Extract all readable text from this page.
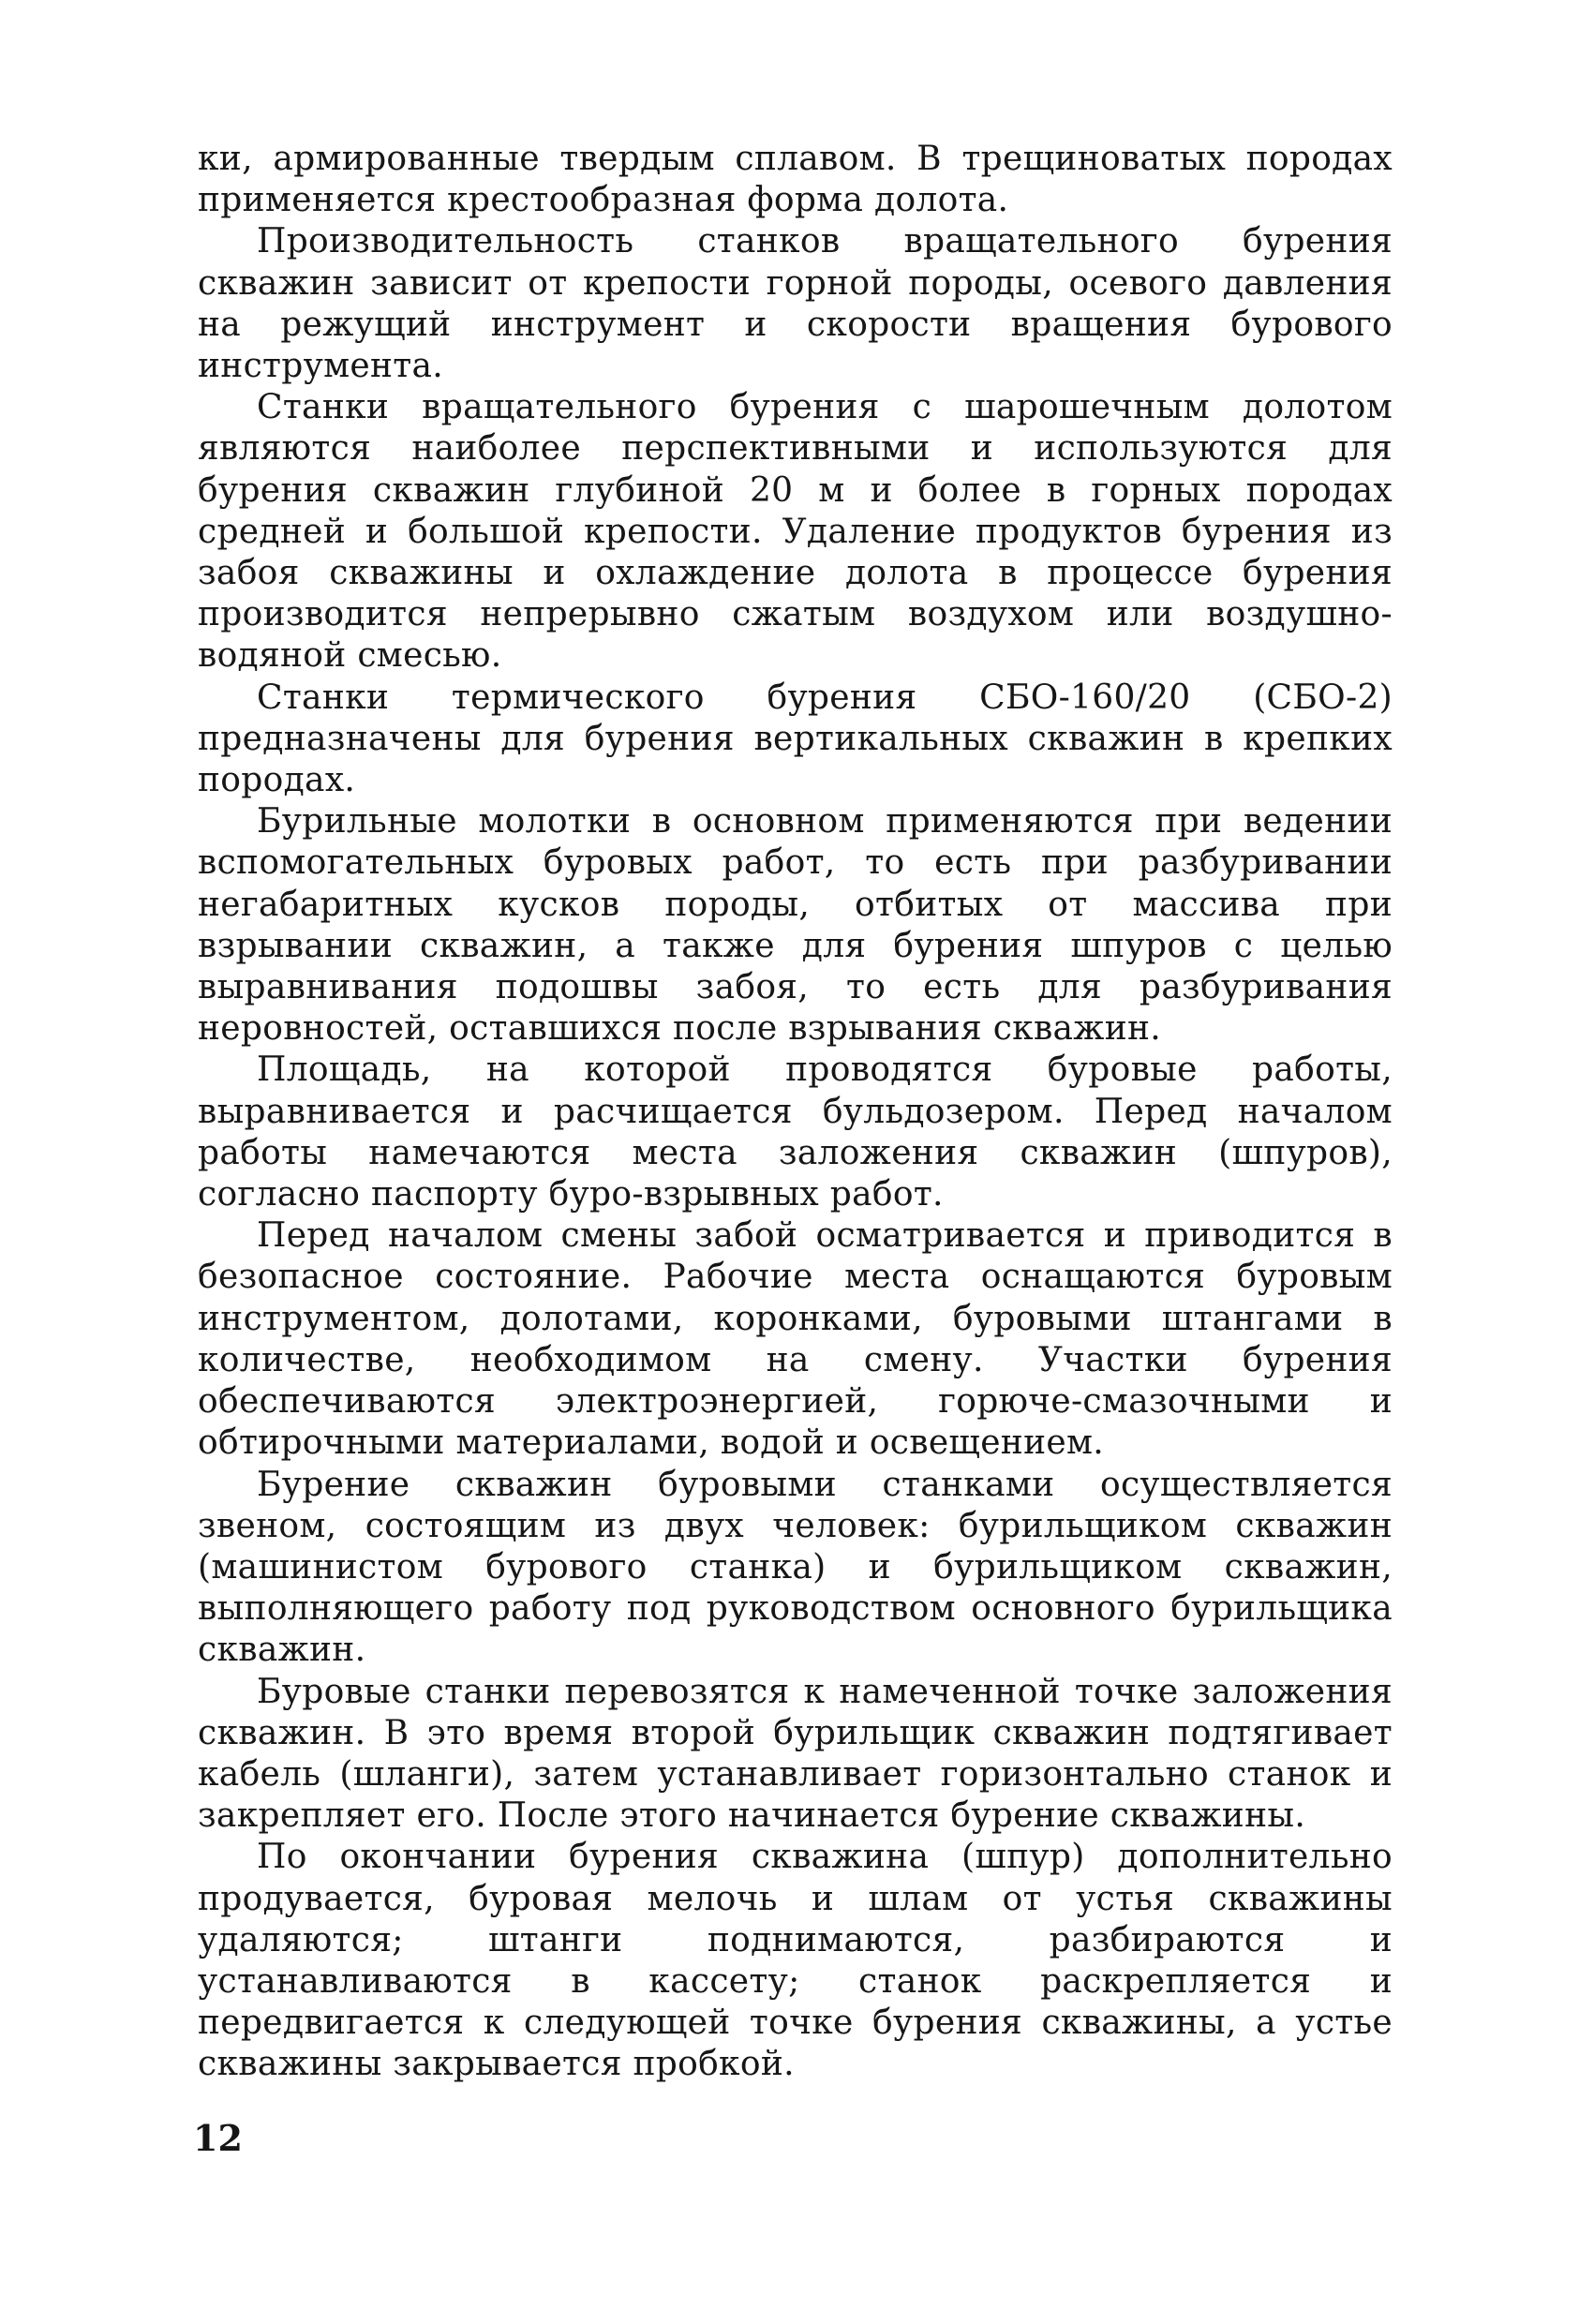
ки, армированные твердым сплавом. В трещиноватых породах применяется крестообразная форма долота.

Производительность станков вращательного бурения скважин зависит от крепости горной породы, осевого давления на режущий инструмент и скорости вращения бурового инструмента.

Станки вращательного бурения с шарошечным долотом являются наиболее перспективными и используются для бурения скважин глубиной 20 м и более в горных породах средней и большой крепости. Удаление продуктов бурения из забоя скважины и охлаждение долота в процессе бурения производится непрерывно сжатым воздухом или воздушно-водяной смесью.

Станки термического бурения СБО-160/20 (СБО-2) предназначены для бурения вертикальных скважин в крепких породах.

Бурильные молотки в основном применяются при ведении вспомогательных буровых работ, то есть при разбуривании негабаритных кусков породы, отбитых от массива при взрывании скважин, а также для бурения шпуров с целью выравнивания подошвы забоя, то есть для разбуривания неровностей, оставшихся после взрывания скважин.

Площадь, на которой проводятся буровые работы, выравнивается и расчищается бульдозером. Перед началом работы намечаются места заложения скважин (шпуров), согласно паспорту буро-взрывных работ.

Перед началом смены забой осматривается и приводится в безопасное состояние. Рабочие места оснащаются буровым инструментом, долотами, коронками, буровыми штангами в количестве, необходимом на смену. Участки бурения обеспечиваются электроэнергией, горюче-смазочными и обтирочными материалами, водой и освещением.

Бурение скважин буровыми станками осуществляется звеном, состоящим из двух человек: бурильщиком скважин (машинистом бурового станка) и бурильщиком скважин, выполняющего работу под руководством основного бурильщика скважин.

Буровые станки перевозятся к намеченной точке заложения скважин. В это время второй бурильщик скважин подтягивает кабель (шланги), затем устанавливает горизонтально станок и закрепляет его. После этого начинается бурение скважины.

По окончании бурения скважина (шпур) дополнительно продувается, буровая мелочь и шлам от устья скважины удаляются; штанги поднимаются, разбираются и устанавливаются в кассету; станок раскрепляется и передвигается к следующей точке бурения скважины, а устье скважины закрывается пробкой.

12
